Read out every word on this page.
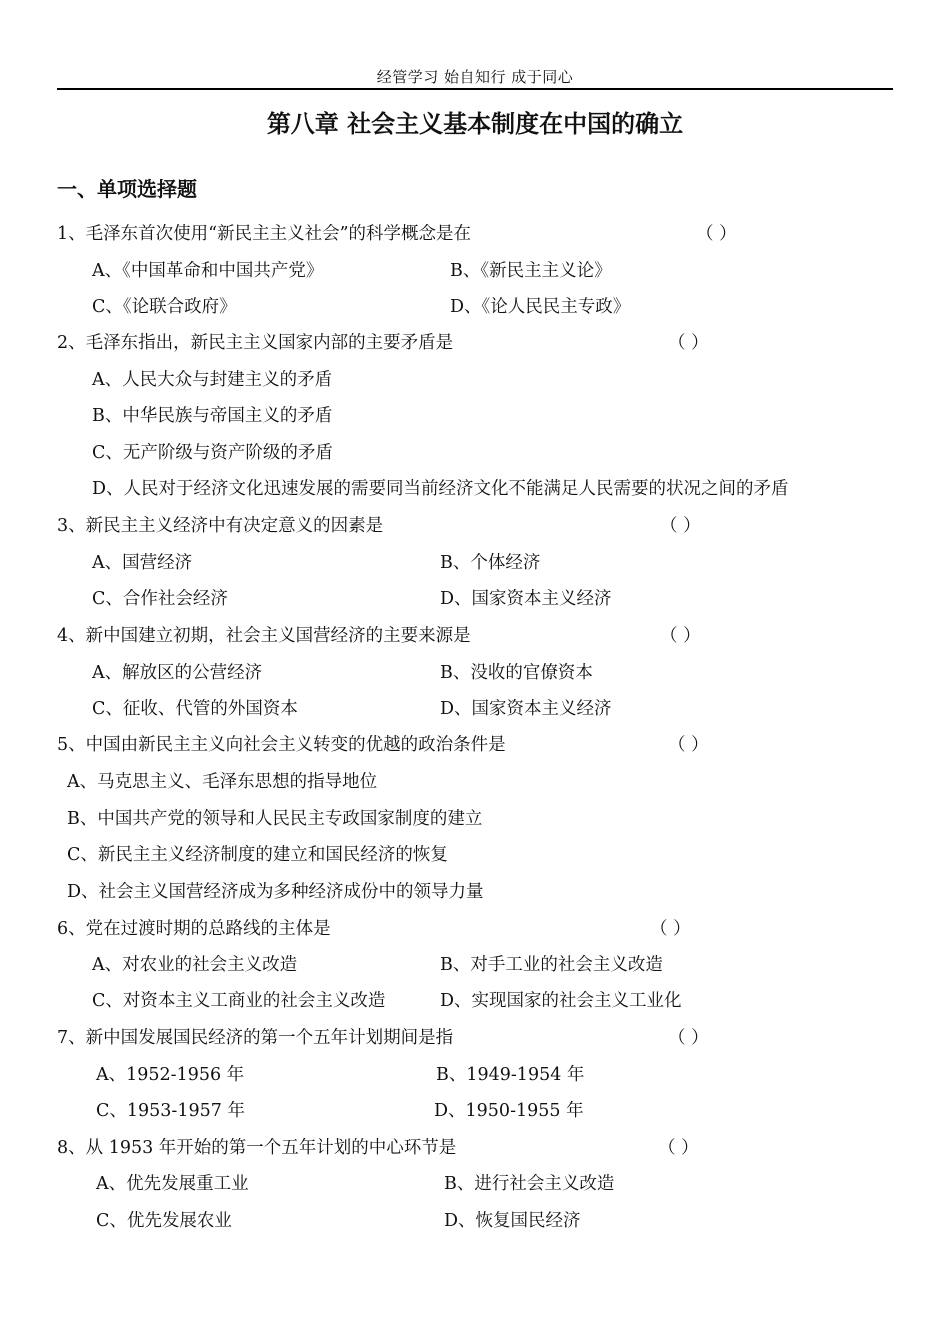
经管学习 始自知行 成于同心
第八章 社会主义基本制度在中国的确立
一、单项选择题
1、毛泽东首次使用“新民主主义社会”的科学概念是在	（ ）
A、《中国革命和中国共产党》	B、《新民主主义论》
C、《论联合政府》	D、《论人民民主专政》
2、毛泽东指出，新民主主义国家内部的主要矛盾是	（ ）
A、人民大众与封建主义的矛盾
B、中华民族与帝国主义的矛盾
C、无产阶级与资产阶级的矛盾
D、人民对于经济文化迅速发展的需要同当前经济文化不能满足人民需要的状况之间的矛盾
3、新民主主义经济中有决定意义的因素是	（ ）
A、国营经济	B、个体经济
C、合作社会经济	D、国家资本主义经济
4、新中国建立初期，社会主义国营经济的主要来源是	（ ）
A、解放区的公营经济	B、没收的官僚资本
C、征收、代管的外国资本	D、国家资本主义经济
5、中国由新民主主义向社会主义转变的优越的政治条件是	（ ）
A、马克思主义、毛泽东思想的指导地位
B、中国共产党的领导和人民民主专政国家制度的建立
C、新民主主义经济制度的建立和国民经济的恢复
D、社会主义国营经济成为多种经济成份中的领导力量
6、党在过渡时期的总路线的主体是	（ ）
A、对农业的社会主义改造	B、对手工业的社会主义改造
C、对资本主义工商业的社会主义改造	D、实现国家的社会主义工业化
7、新中国发展国民经济的第一个五年计划期间是指	（ ）
A、1952-1956 年	B、1949-1954 年
C、1953-1957 年	D、1950-1955 年
8、从 1953 年开始的第一个五年计划的中心环节是	（ ）
A、优先发展重工业	B、进行社会主义改造
C、优先发展农业	D、恢复国民经济
